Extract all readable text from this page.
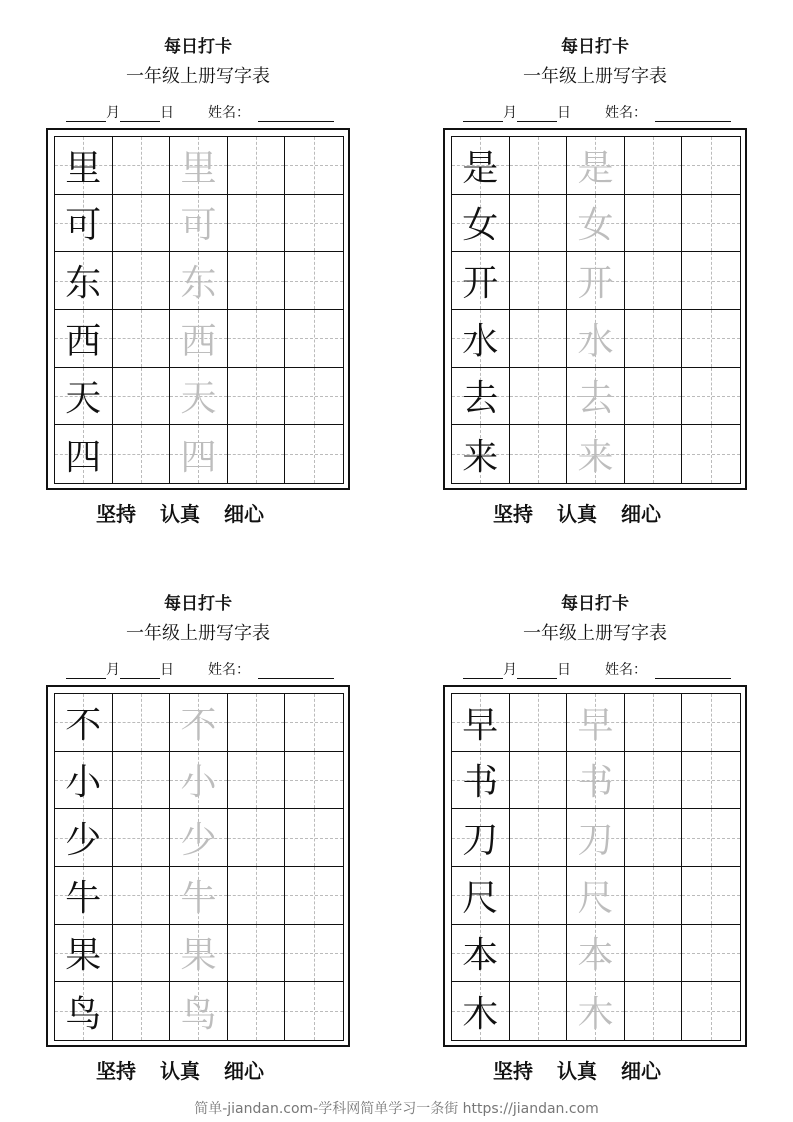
每日打卡
一年级上册写字表
月	日 姓名：
里 里
可 可
东 东
西 西
天 天
四 四
坚持 认真 细心
每日打卡
一年级上册写字表
月	日 姓名：
是 是
女 女
开 开
水 水
去 去
来 来
坚持 认真 细心
每日打卡
一年级上册写字表
月	日 姓名：
不 不
小 小
少 少
牛 牛
果 果
鸟 鸟
坚持 认真 细心
每日打卡
一年级上册写字表
月	日 姓名：
早 早
书 书
刀 刀
尺 尺
本 本
木 木
坚持 认真 细心
简单-jiandan.com-学科网简单学习一条街 https://jiandan.com
